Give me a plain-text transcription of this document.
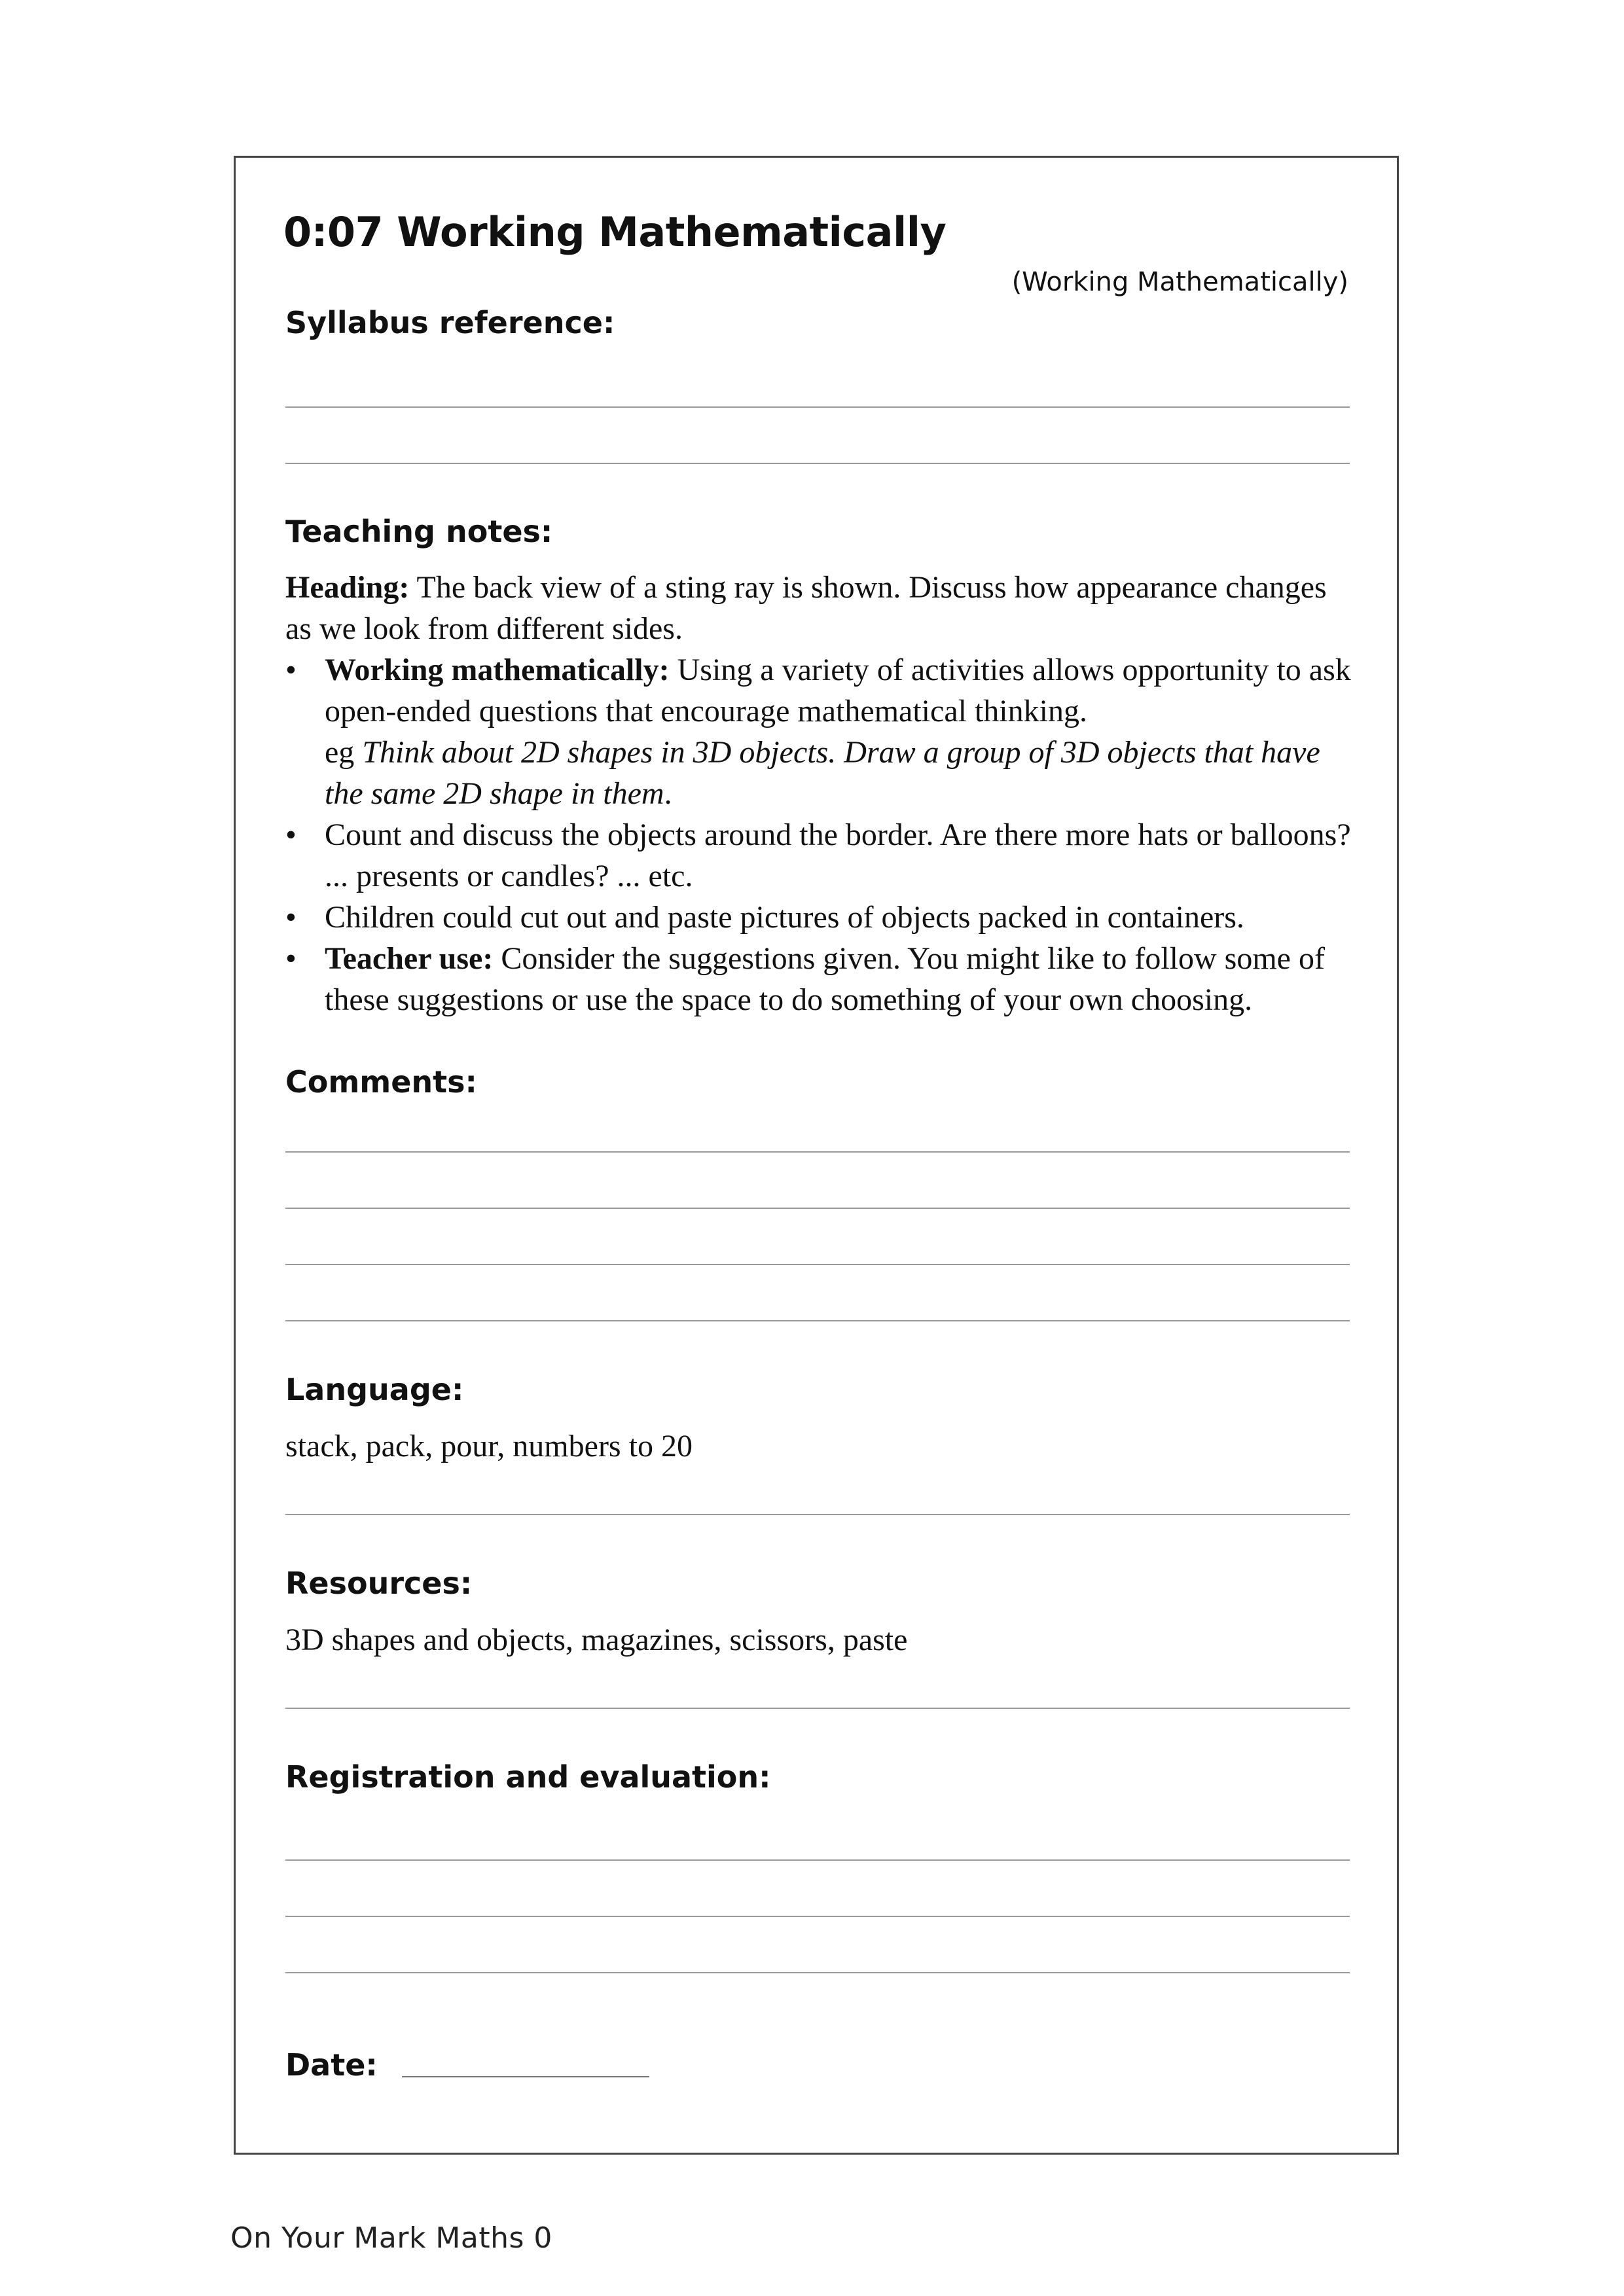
0:07 Working Mathematically
(Working Mathematically)
Syllabus reference:
Teaching notes:
Heading: The back view of a sting ray is shown. Discuss how appearance changes as we look from different sides.
• Working mathematically: Using a variety of activities allows opportunity to ask open-ended questions that encourage mathematical thinking.
eg Think about 2D shapes in 3D objects. Draw a group of 3D objects that have the same 2D shape in them.
• Count and discuss the objects around the border. Are there more hats or balloons? ... presents or candles? ... etc.
• Children could cut out and paste pictures of objects packed in containers.
• Teacher use: Consider the suggestions given. You might like to follow some of these suggestions or use the space to do something of your own choosing.
Comments:
Language:
stack, pack, pour, numbers to 20
Resources:
3D shapes and objects, magazines, scissors, paste
Registration and evaluation:
Date:
On Your Mark Maths 0
